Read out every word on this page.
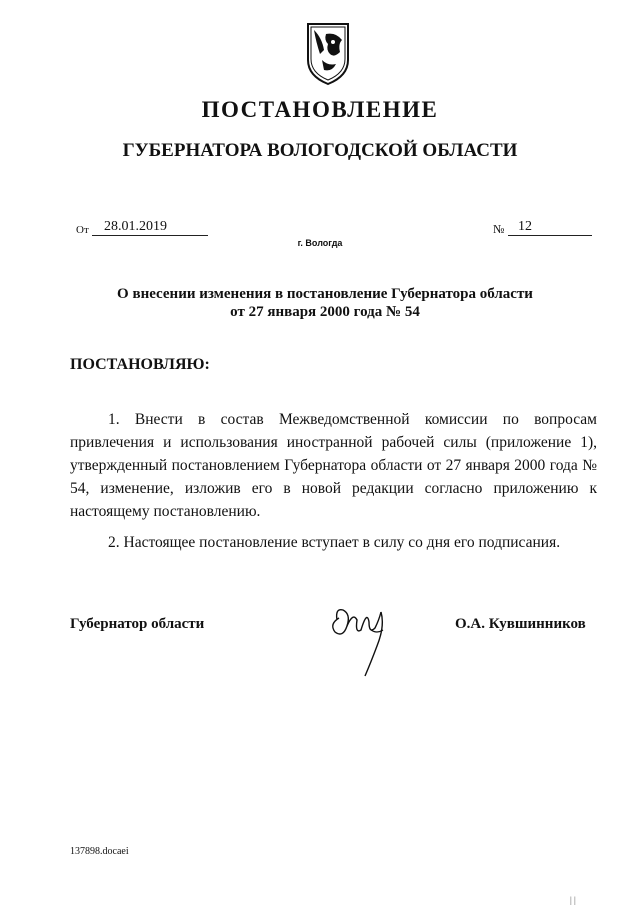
ПОСТАНОВЛЕНИЕ
ГУБЕРНАТОРА ВОЛОГОДСКОЙ ОБЛАСТИ
От	28.01.2019	№ 12
г. Вологда
О внесении изменения в постановление Губернатора области
от 27 января 2000 года № 54
ПОСТАНОВЛЯЮ:

1. Внести в состав Межведомственной комиссии по вопросам привлечения и использования иностранной рабочей силы (приложение 1), утвержденный постановлением Губернатора области от 27 января 2000 года № 54, изменение, изложив его в новой редакции согласно приложению к настоящему постановлению.

2. Настоящее постановление вступает в силу со дня его подписания.

Губернатор области	О.А. Кувшинников
137898.docaei
| |
